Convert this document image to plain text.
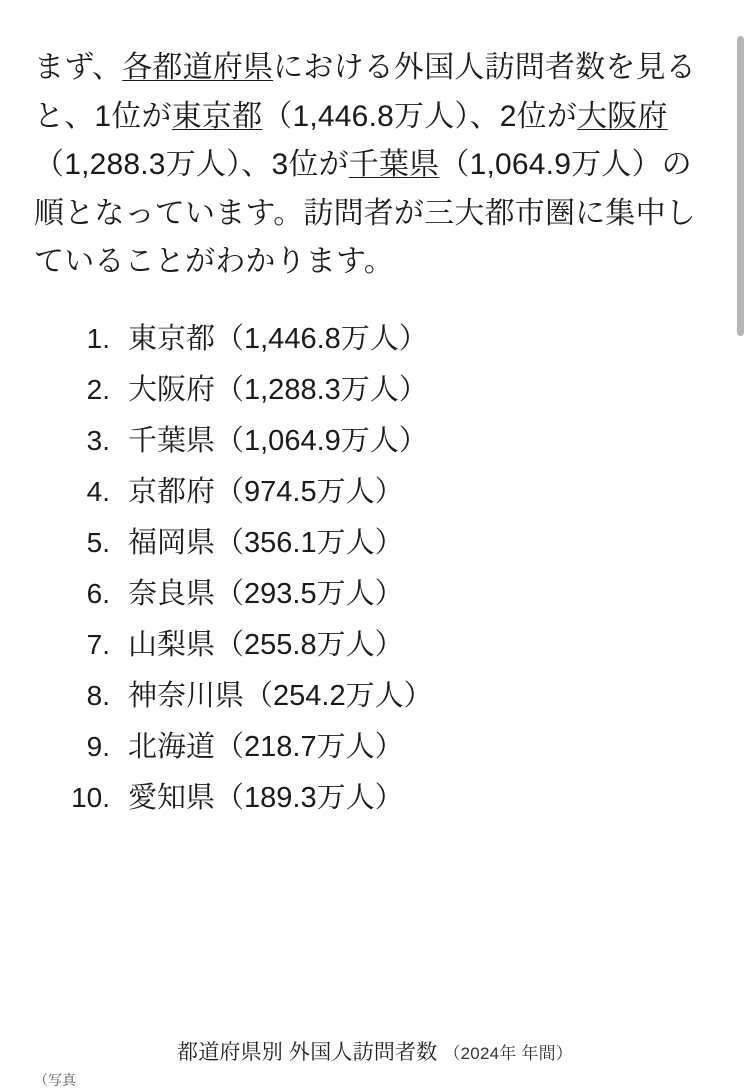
まず、各都道府県における外国人訪問者数を見ると、1位が東京都（1,446.8万人）、2位が大阪府（1,288.3万人）、3位が千葉県（1,064.9万人）の順となっています。訪問者が三大都市圏に集中していることがわかります。

1 . 東京都（1,446.8万人）
2 . 大阪府（1,288.3万人）
3 . 千葉県（1,064.9万人）
4 . 京都府（974.5万人）
5 . 福岡県（356.1万人）
6 . 奈良県（293.5万人）
7 . 山梨県（255.8万人）
8 . 神奈川県（254.2万人）
9 . 北海道（218.7万人）
10 . 愛知県（189.3万人）
都道府県別 外国人訪問者数 （2024年 年間）
（写真
